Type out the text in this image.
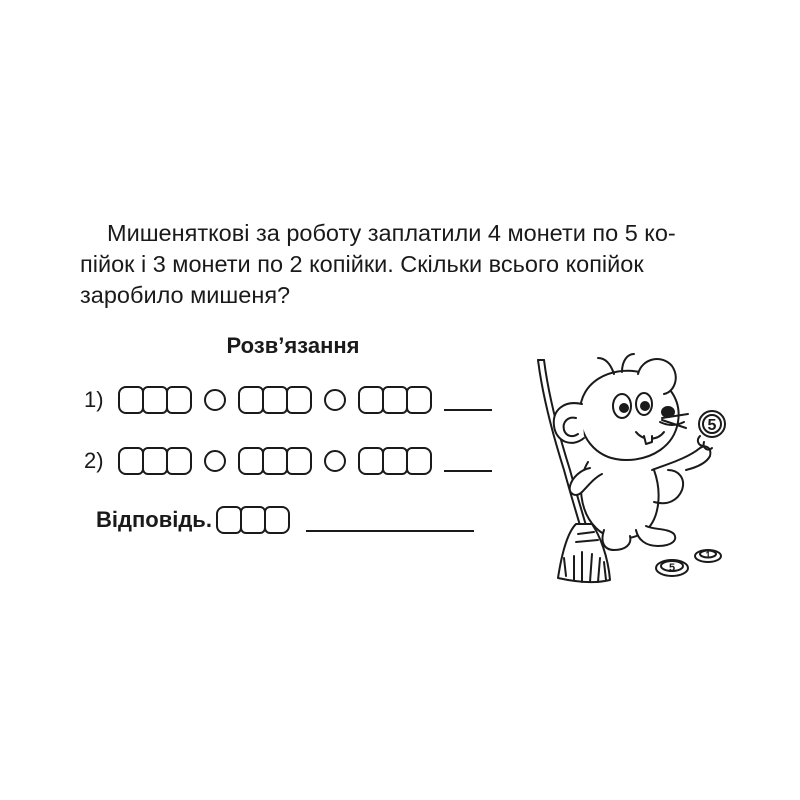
Мишеняткові за роботу заплатили 4 монети по 5 ко-
пійок і 3 монети по 2 копійки. Скільки всього копійок
заробило мишеня?

Розв’язання
1)
2)
Відповідь.
5
5
1
